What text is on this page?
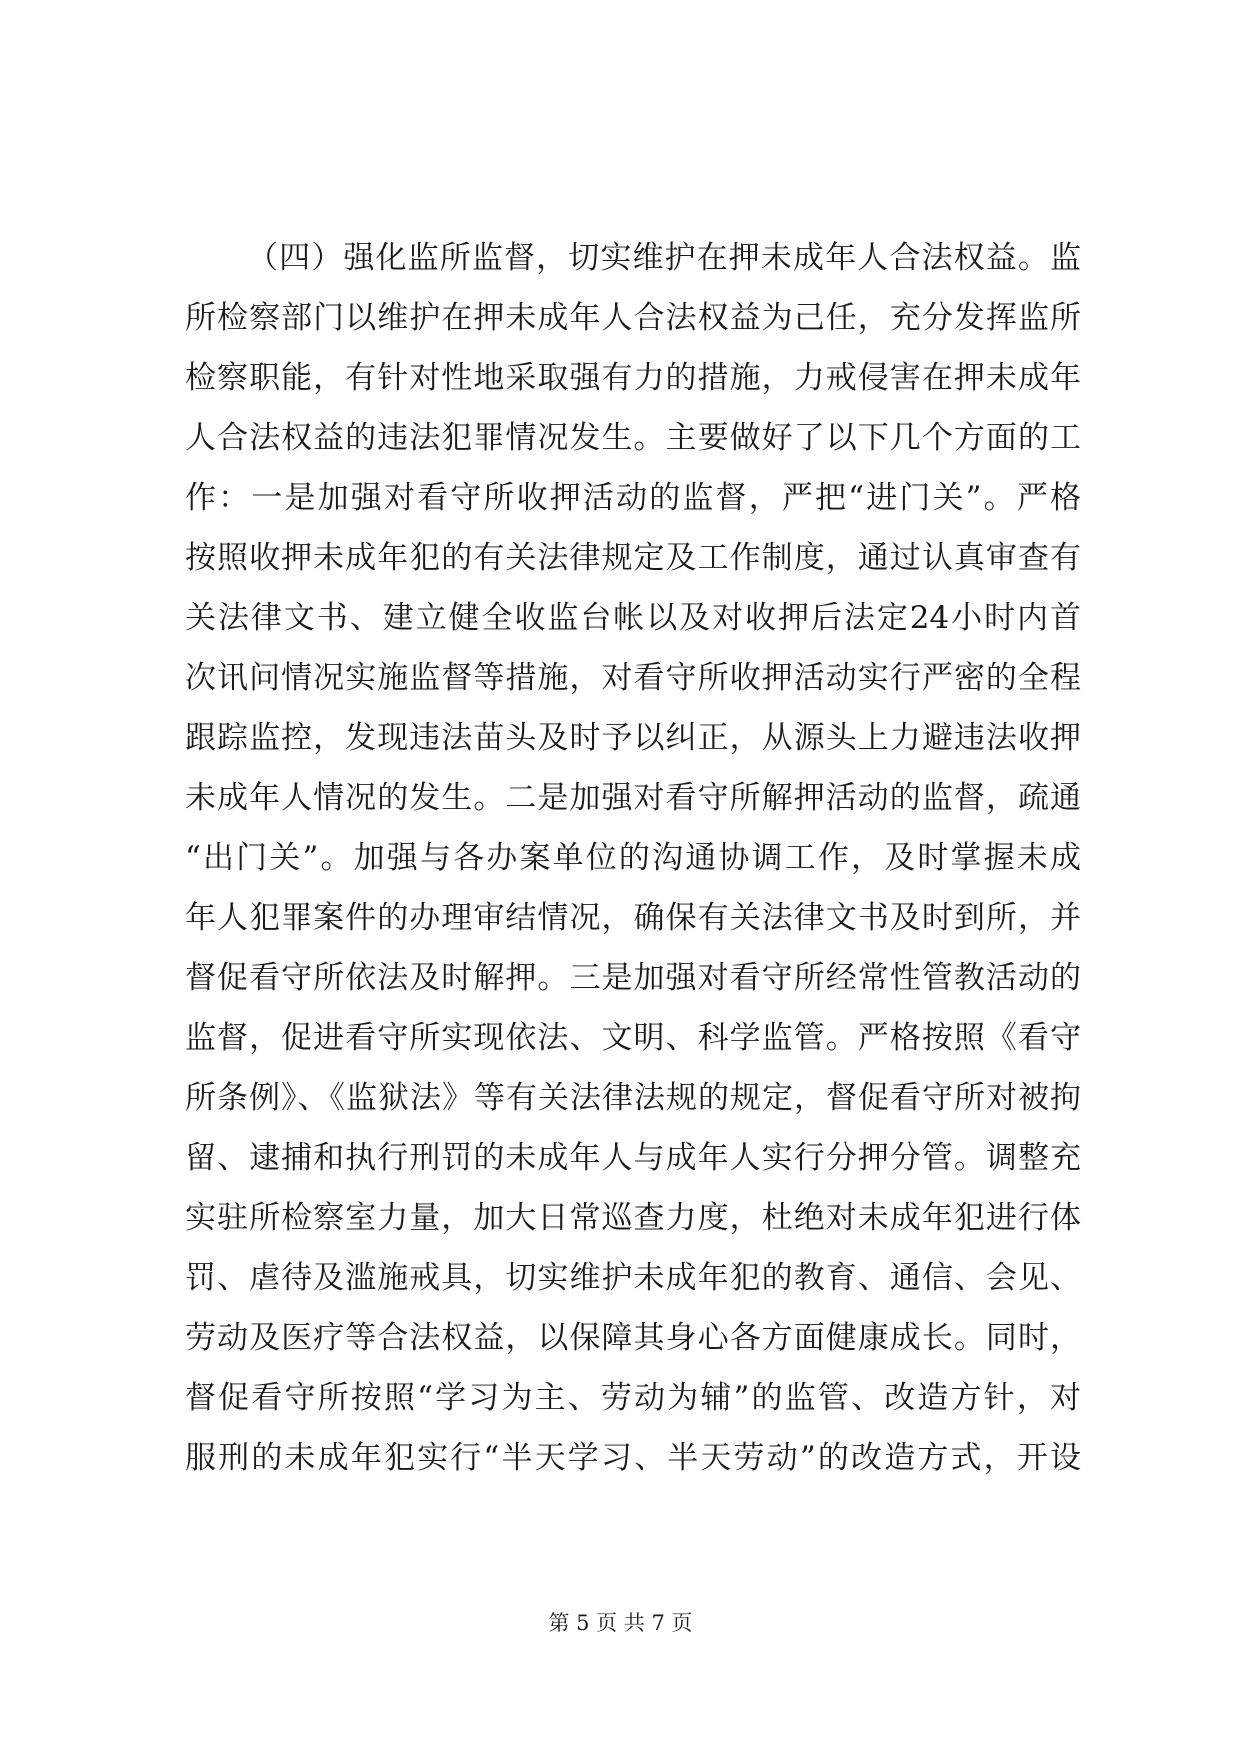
（四）强化监所监督，切实维护在押未成年人合法权益。监
所检察部门以维护在押未成年人合法权益为己任，充分发挥监所
检察职能，有针对性地采取强有力的措施，力戒侵害在押未成年
人合法权益的违法犯罪情况发生。主要做好了以下几个方面的工
作：一是加强对看守所收押活动的监督，严把“进门关”。严格
按照收押未成年犯的有关法律规定及工作制度，通过认真审查有
关法律文书、建立健全收监台帐以及对收押后法定24小时内首
次讯问情况实施监督等措施，对看守所收押活动实行严密的全程
跟踪监控，发现违法苗头及时予以纠正，从源头上力避违法收押
未成年人情况的发生。二是加强对看守所解押活动的监督，疏通
“出门关”。加强与各办案单位的沟通协调工作，及时掌握未成
年人犯罪案件的办理审结情况，确保有关法律文书及时到所，并
督促看守所依法及时解押。三是加强对看守所经常性管教活动的
监督，促进看守所实现依法、文明、科学监管。严格按照《看守
所条例》、《监狱法》等有关法律法规的规定，督促看守所对被拘
留、逮捕和执行刑罚的未成年人与成年人实行分押分管。调整充
实驻所检察室力量，加大日常巡查力度，杜绝对未成年犯进行体
罚、虐待及滥施戒具，切实维护未成年犯的教育、通信、会见、
劳动及医疗等合法权益，以保障其身心各方面健康成长。同时，
督促看守所按照“学习为主、劳动为辅”的监管、改造方针，对
服刑的未成年犯实行“半天学习、半天劳动”的改造方式，开设
第 5 页 共 7 页
